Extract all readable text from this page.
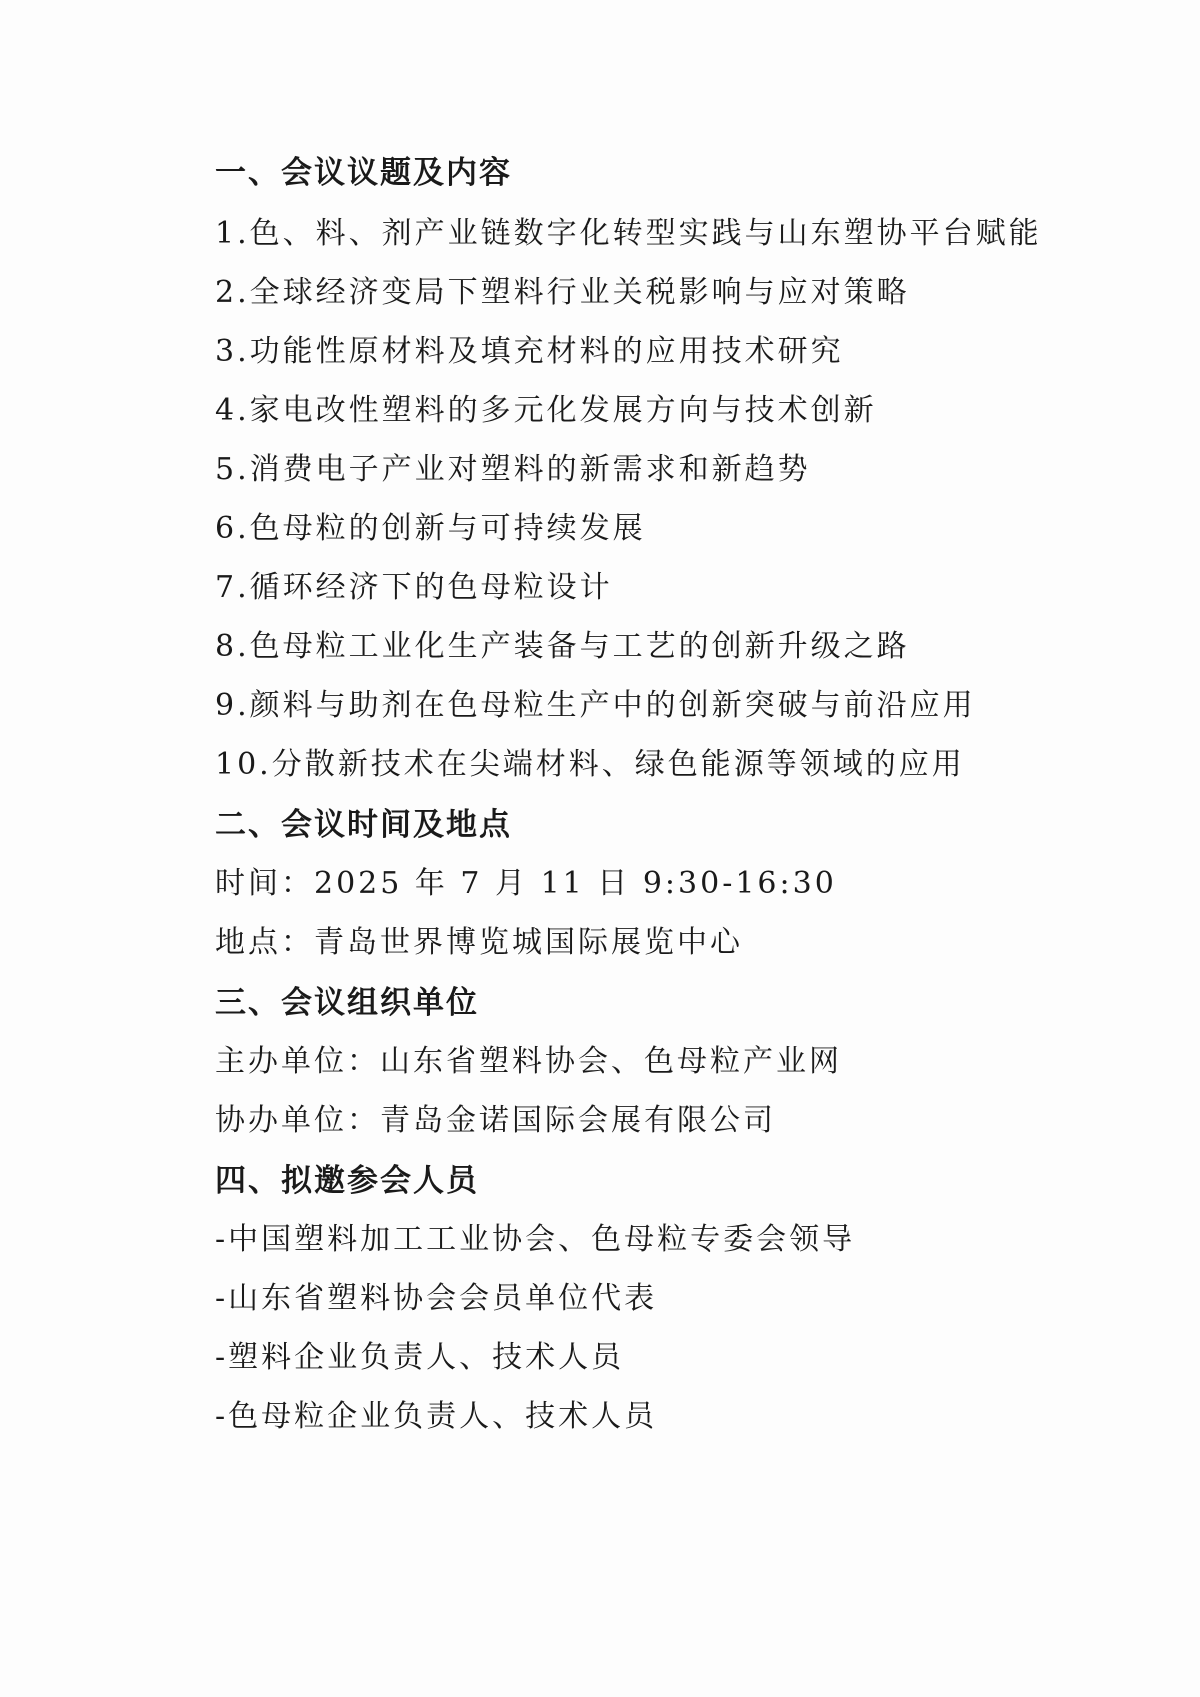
一、会议议题及内容
1.色、料、剂产业链数字化转型实践与山东塑协平台赋能
2.全球经济变局下塑料行业关税影响与应对策略
3.功能性原材料及填充材料的应用技术研究
4.家电改性塑料的多元化发展方向与技术创新
5.消费电子产业对塑料的新需求和新趋势
6.色母粒的创新与可持续发展
7.循环经济下的色母粒设计
8.色母粒工业化生产装备与工艺的创新升级之路
9.颜料与助剂在色母粒生产中的创新突破与前沿应用
10.分散新技术在尖端材料、绿色能源等领域的应用
二、会议时间及地点
时间：2025 年 7 月 11 日 9:30-16:30
地点：青岛世界博览城国际展览中心
三、会议组织单位
主办单位：山东省塑料协会、色母粒产业网
协办单位：青岛金诺国际会展有限公司
四、拟邀参会人员
-中国塑料加工工业协会、色母粒专委会领导
-山东省塑料协会会员单位代表
-塑料企业负责人、技术人员
-色母粒企业负责人、技术人员
